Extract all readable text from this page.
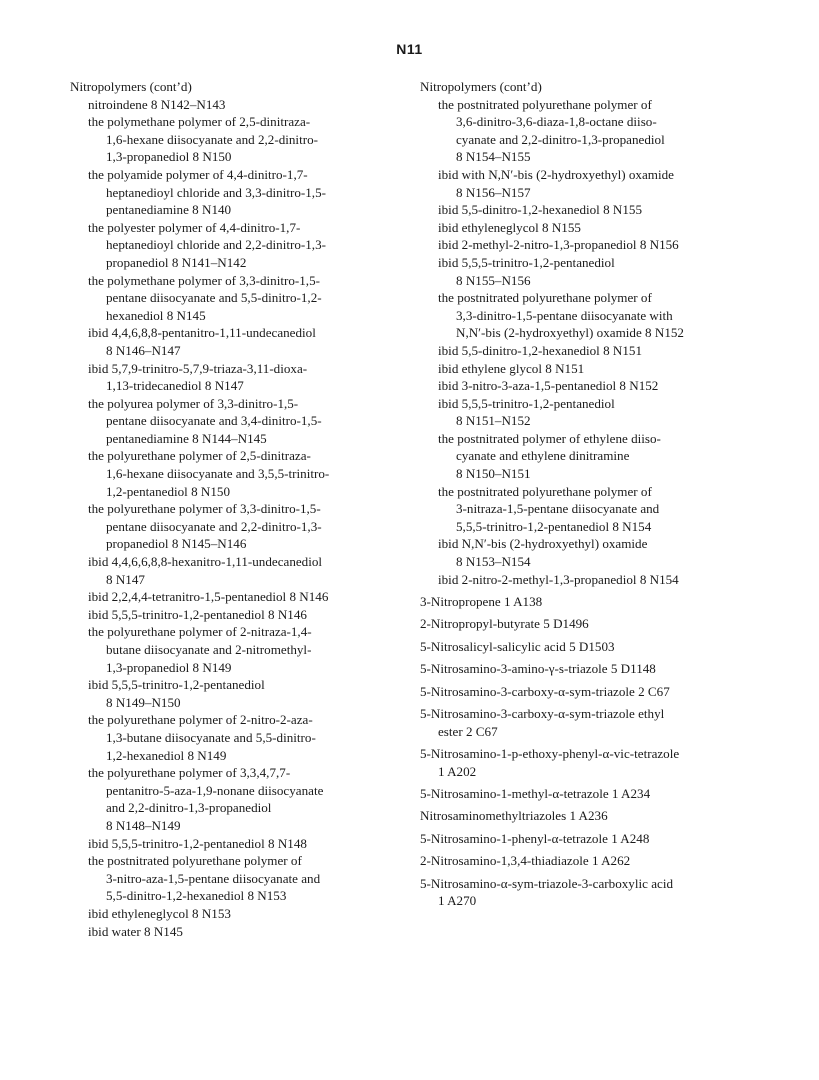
N11
Nitropolymers (cont’d)
nitroindene 8 N142–N143
the polymethane polymer of 2,5-dinitraza-
1,6-hexane diisocyanate and 2,2-dinitro-
1,3-propanediol 8 N150
the polyamide polymer of 4,4-dinitro-1,7-
heptanedioyl chloride and 3,3-dinitro-1,5-
pentanediamine 8 N140
the polyester polymer of 4,4-dinitro-1,7-
heptanedioyl chloride and 2,2-dinitro-1,3-
propanediol 8 N141–N142
the polymethane polymer of 3,3-dinitro-1,5-
pentane diisocyanate and 5,5-dinitro-1,2-
hexanediol 8 N145
ibid 4,4,6,8,8-pentanitro-1,11-undecanediol
8 N146–N147
ibid 5,7,9-trinitro-5,7,9-triaza-3,11-dioxa-
1,13-tridecanediol 8 N147
the polyurea polymer of 3,3-dinitro-1,5-
pentane diisocyanate and 3,4-dinitro-1,5-
pentanediamine 8 N144–N145
the polyurethane polymer of 2,5-dinitraza-
1,6-hexane diisocyanate and 3,5,5-trinitro-
1,2-pentanediol 8 N150
the polyurethane polymer of 3,3-dinitro-1,5-
pentane diisocyanate and 2,2-dinitro-1,3-
propanediol 8 N145–N146
ibid 4,4,6,6,8,8-hexanitro-1,11-undecanediol
8 N147
ibid 2,2,4,4-tetranitro-1,5-pentanediol 8 N146
ibid 5,5,5-trinitro-1,2-pentanediol 8 N146
the polyurethane polymer of 2-nitraza-1,4-
butane diisocyanate and 2-nitromethyl-
1,3-propanediol 8 N149
ibid 5,5,5-trinitro-1,2-pentanediol
8 N149–N150
the polyurethane polymer of 2-nitro-2-aza-
1,3-butane diisocyanate and 5,5-dinitro-
1,2-hexanediol 8 N149
the polyurethane polymer of 3,3,4,7,7-
pentanitro-5-aza-1,9-nonane diisocyanate
and 2,2-dinitro-1,3-propanediol
8 N148–N149
ibid 5,5,5-trinitro-1,2-pentanediol 8 N148
the postnitrated polyurethane polymer of
3-nitro-aza-1,5-pentane diisocyanate and
5,5-dinitro-1,2-hexanediol 8 N153
ibid ethyleneglycol 8 N153
ibid water 8 N145
Nitropolymers (cont’d)
the postnitrated polyurethane polymer of
3,6-dinitro-3,6-diaza-1,8-octane diiso-
cyanate and 2,2-dinitro-1,3-propanediol
8 N154–N155
ibid with N,N′-bis (2-hydroxyethyl) oxamide
8 N156–N157
ibid 5,5-dinitro-1,2-hexanediol 8 N155
ibid ethyleneglycol 8 N155
ibid 2-methyl-2-nitro-1,3-propanediol 8 N156
ibid 5,5,5-trinitro-1,2-pentanediol
8 N155–N156
the postnitrated polyurethane polymer of
3,3-dinitro-1,5-pentane diisocyanate with
N,N′-bis (2-hydroxyethyl) oxamide 8 N152
ibid 5,5-dinitro-1,2-hexanediol 8 N151
ibid ethylene glycol 8 N151
ibid 3-nitro-3-aza-1,5-pentanediol 8 N152
ibid 5,5,5-trinitro-1,2-pentanediol
8 N151–N152
the postnitrated polymer of ethylene diiso-
cyanate and ethylene dinitramine
8 N150–N151
the postnitrated polyurethane polymer of
3-nitraza-1,5-pentane diisocyanate and
5,5,5-trinitro-1,2-pentanediol 8 N154
ibid N,N′-bis (2-hydroxyethyl) oxamide
8 N153–N154
ibid 2-nitro-2-methyl-1,3-propanediol 8 N154
3-Nitropropene 1 A138
2-Nitropropyl-butyrate 5 D1496
5-Nitrosalicyl-salicylic acid 5 D1503
5-Nitrosamino-3-amino-γ-s-triazole 5 D1148
5-Nitrosamino-3-carboxy-α-sym-triazole 2 C67
5-Nitrosamino-3-carboxy-α-sym-triazole ethyl
ester 2 C67
5-Nitrosamino-1-p-ethoxy-phenyl-α-vic-tetrazole
1 A202
5-Nitrosamino-1-methyl-α-tetrazole 1 A234
Nitrosaminomethyltriazoles 1 A236
5-Nitrosamino-1-phenyl-α-tetrazole 1 A248
2-Nitrosamino-1,3,4-thiadiazole 1 A262
5-Nitrosamino-α-sym-triazole-3-carboxylic acid
1 A270
